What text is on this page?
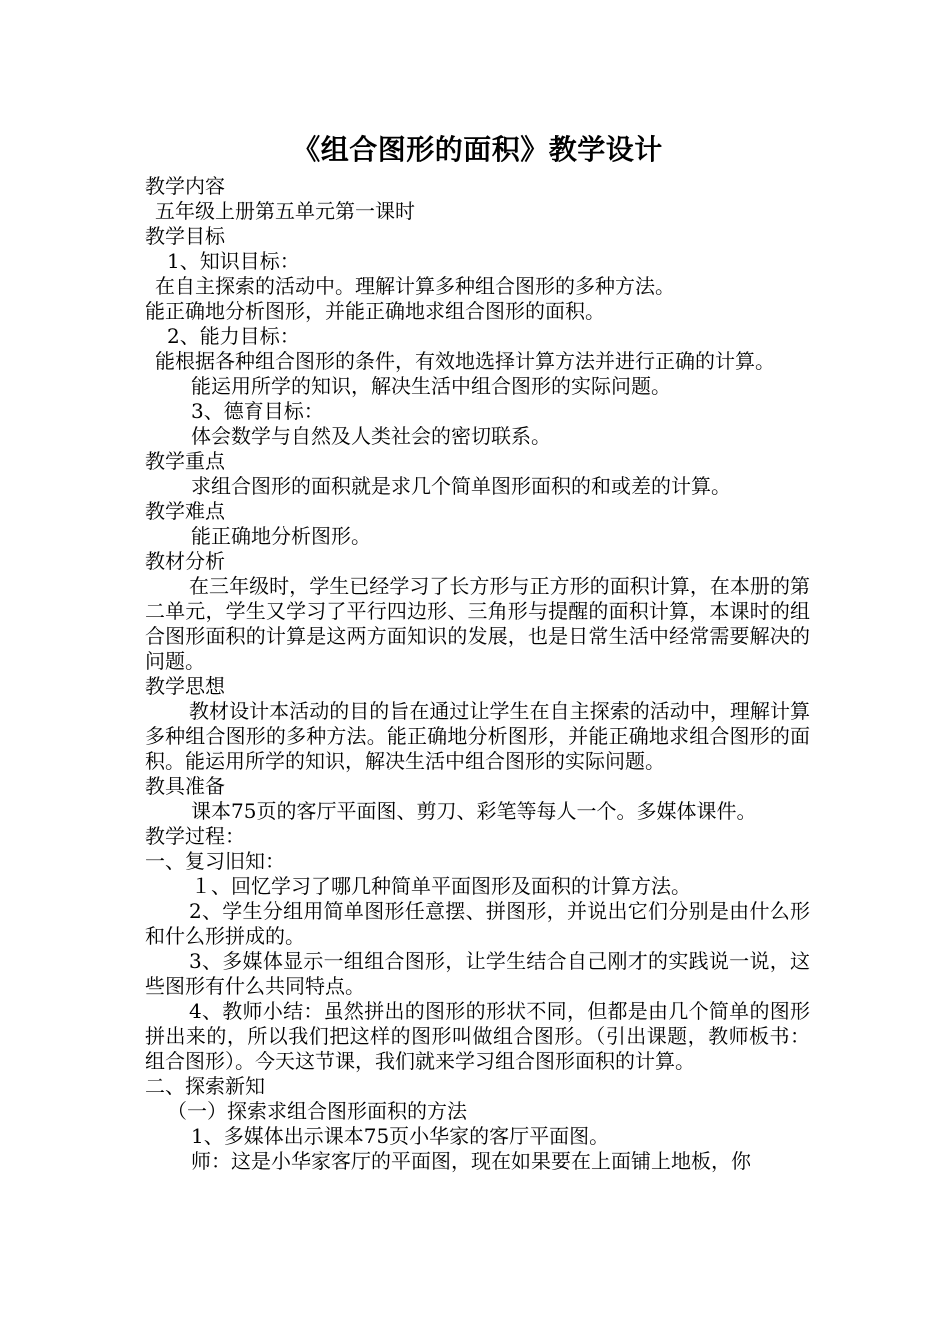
《组合图形的面积》教学设计

教学内容

五年级上册第五单元第一课时

教学目标

1、知识目标：

在自主探索的活动中。理解计算多种组合图形的多种方法。

能正确地分析图形，并能正确地求组合图形的面积。

2、能力目标：

能根据各种组合图形的条件，有效地选择计算方法并进行正确的计算。

能运用所学的知识，解决生活中组合图形的实际问题。

3、德育目标：

体会数学与自然及人类社会的密切联系。

教学重点

求组合图形的面积就是求几个简单图形面积的和或差的计算。

教学难点

能正确地分析图形。

教材分析

在三年级时，学生已经学习了长方形与正方形的面积计算，在本册的第二单元，学生又学习了平行四边形、三角形与提醒的面积计算，本课时的组合图形面积的计算是这两方面知识的发展，也是日常生活中经常需要解决的问题。

教学思想

教材设计本活动的目的旨在通过让学生在自主探索的活动中，理解计算多种组合图形的多种方法。能正确地分析图形，并能正确地求组合图形的面积。能运用所学的知识，解决生活中组合图形的实际问题。

教具准备

课本75页的客厅平面图、剪刀、彩笔等每人一个。多媒体课件。

教学过程：

一、复习旧知：

１、回忆学习了哪几种简单平面图形及面积的计算方法。

2、学生分组用简单图形任意摆、拼图形，并说出它们分别是由什么形和什么形拼成的。

3、多媒体显示一组组合图形，让学生结合自己刚才的实践说一说，这些图形有什么共同特点。

4、教师小结：虽然拼出的图形的形状不同，但都是由几个简单的图形拼出来的，所以我们把这样的图形叫做组合图形。（引出课题，教师板书：组合图形）。今天这节课，我们就来学习组合图形面积的计算。

二、探索新知

（一）探索求组合图形面积的方法

1、多媒体出示课本75页小华家的客厅平面图。

师：这是小华家客厅的平面图，现在如果要在上面铺上地板，你
